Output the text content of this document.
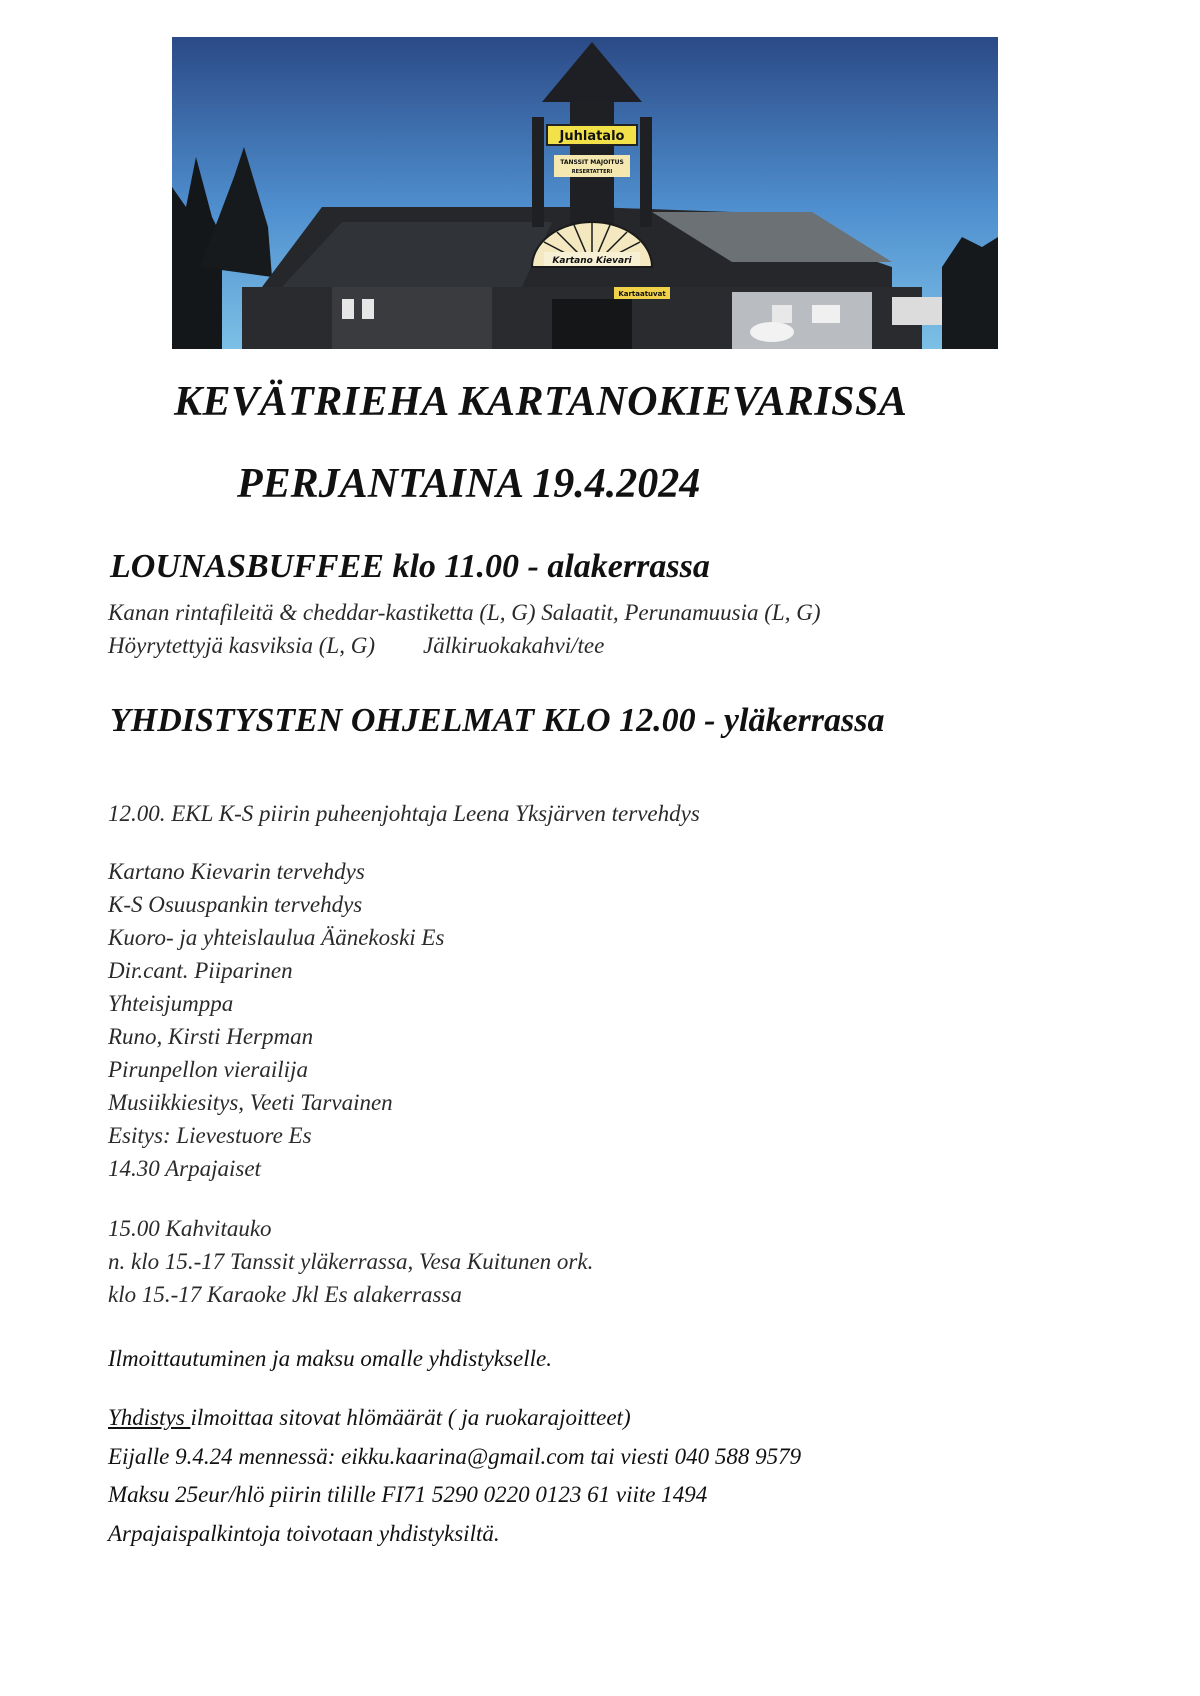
Juhlatalo
TANSSIT MAJOITUS
RESERTATTERI
Kartano Kievari
Kartaatuvat
KEVÄTRIEHA KARTANOKIEVARISSA
PERJANTAINA 19.4.2024
LOUNASBUFFEE klo 11.00 - alakerrassa
Kanan rintafileitä & cheddar-kastiketta (L, G) Salaatit, Perunamuusia (L, G)
Höyrytettyjä kasviksia (L, G) Jälkiruokakahvi/tee
YHDISTYSTEN OHJELMAT KLO 12.00 - yläkerrassa
12.00. EKL K-S piirin puheenjohtaja Leena Yksjärven tervehdys
Kartano Kievarin tervehdys
K-S Osuuspankin tervehdys
Kuoro- ja yhteislaulua Äänekoski Es
Dir.cant. Piiparinen
Yhteisjumppa
Runo, Kirsti Herpman
Pirunpellon vierailija
Musiikkiesitys, Veeti Tarvainen
Esitys: Lievestuore Es
14.30 Arpajaiset
15.00 Kahvitauko
n. klo 15.-17 Tanssit yläkerrassa, Vesa Kuitunen ork.
klo 15.-17 Karaoke Jkl Es alakerrassa
Ilmoittautuminen ja maksu omalle yhdistykselle.
Yhdistys ilmoittaa sitovat hlömäärät ( ja ruokarajoitteet)
Eijalle 9.4.24 mennessä: eikku.kaarina@gmail.com tai viesti 040 588 9579
Maksu 25eur/hlö piirin tilille FI71 5290 0220 0123 61 viite 1494
Arpajaispalkintoja toivotaan yhdistyksiltä.
